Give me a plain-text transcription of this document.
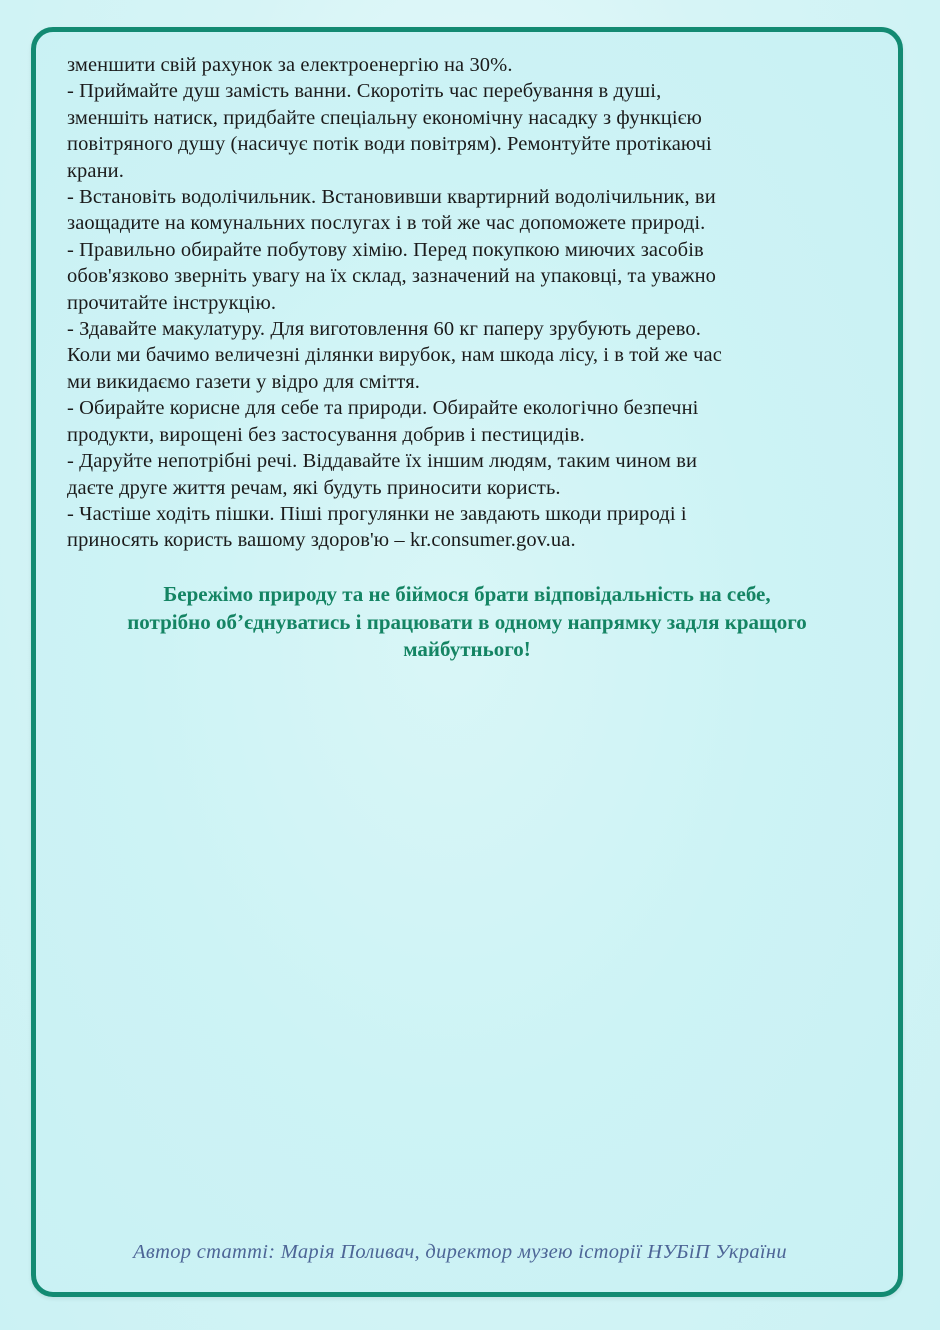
зменшити свій рахунок за електроенергію на 30%.

- Приймайте душ замість ванни. Скоротіть час перебування в душі,

зменшіть натиск, придбайте спеціальну економічну насадку з функцією

повітряного душу (насичує потік води повітрям). Ремонтуйте протікаючі

крани.

- Встановіть водолічильник. Встановивши квартирний водолічильник, ви

заощадите на комунальних послугах і в той же час допоможете природі.

- Правильно обирайте побутову хімію. Перед покупкою миючих засобів

обов'язково зверніть увагу на їх склад, зазначений на упаковці, та уважно

прочитайте інструкцію.

- Здавайте макулатуру. Для виготовлення 60 кг паперу зрубують дерево.

Коли ми бачимо величезні ділянки вирубок, нам шкода лісу, і в той же час

ми викидаємо газети у відро для сміття.

- Обирайте корисне для себе та природи. Обирайте екологічно безпечні

продукти, вирощені без застосування добрив і пестицидів.

- Даруйте непотрібні речі. Віддавайте їх іншим людям, таким чином ви

даєте друге життя речам, які будуть приносити користь.

- Частіше ходіть пішки. Піші прогулянки не завдають шкоди природі і

приносять користь вашому здоров'ю – kr.consumer.gov.ua.

Бережімо природу та не біймося брати відповідальність на себе,

потрібно об’єднуватись і працювати в одному напрямку задля кращого

майбутнього!

Автор статті: Марія Поливач, директор музею історії НУБіП України
